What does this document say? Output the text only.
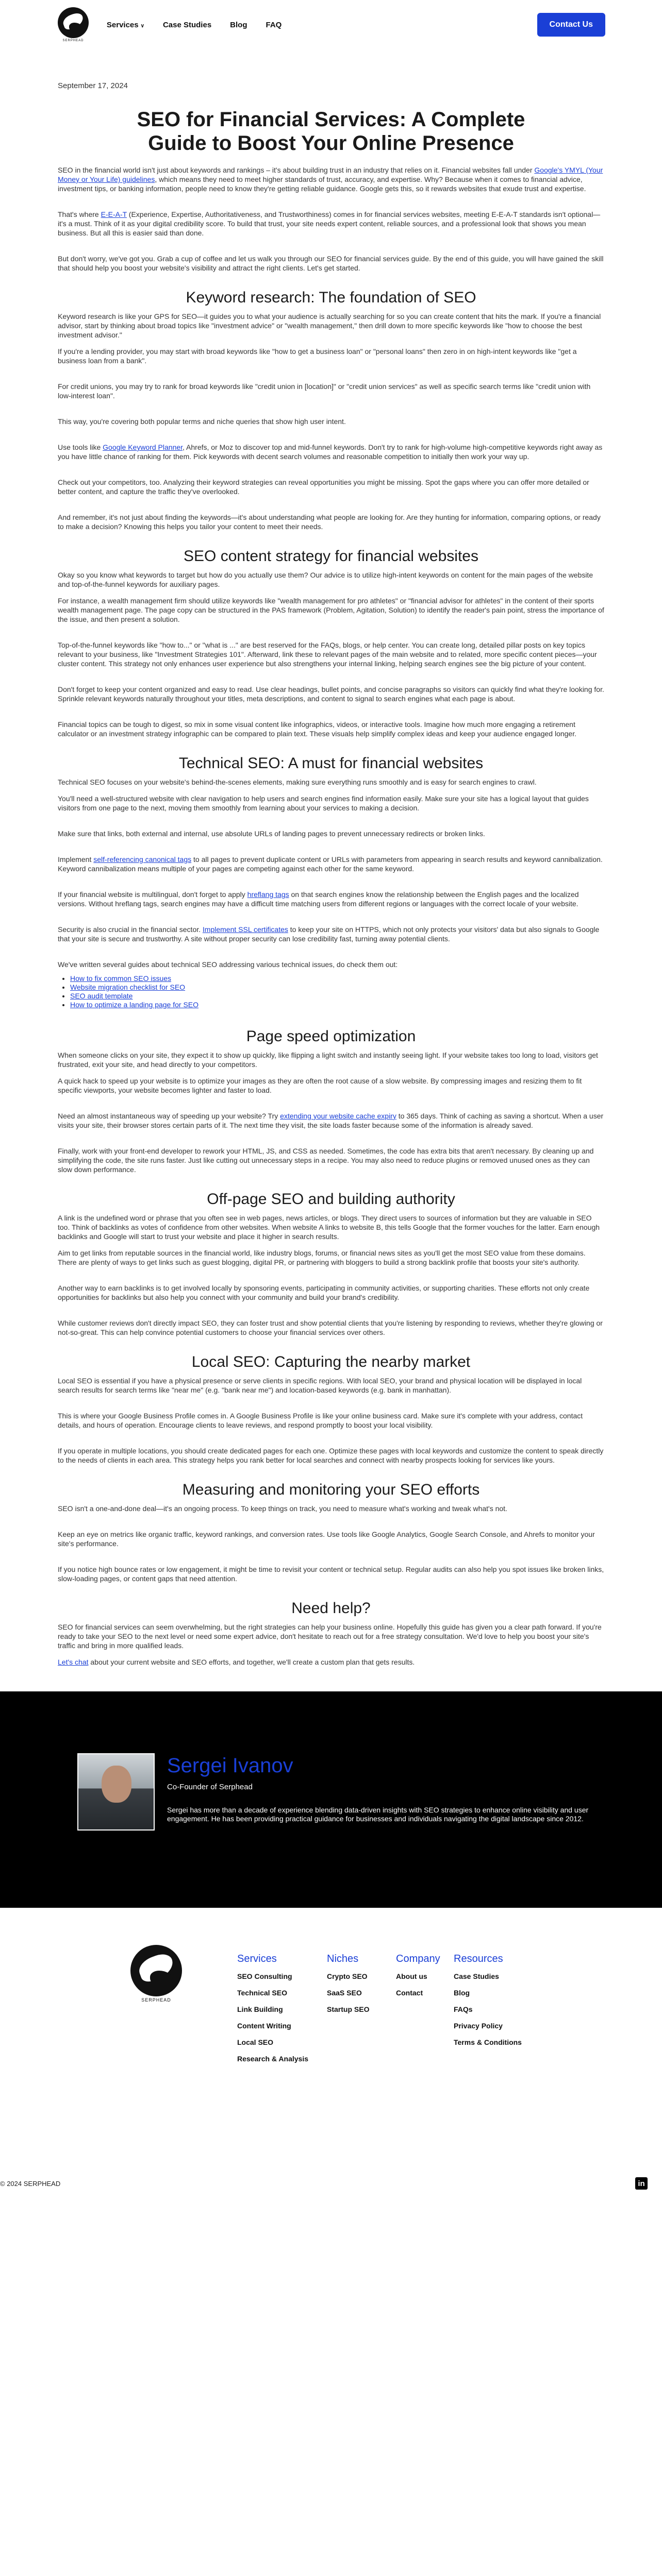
SERPHEAD
Services ∨ Case Studies Blog FAQ	Contact Us
September 17, 2024
SEO for Financial Services: A Complete Guide to Boost Your Online Presence

SEO in the financial world isn't just about keywords and rankings – it's about building trust in an industry that relies on it. Financial websites fall under Google's YMYL (Your Money or Your Life) guidelines, which means they need to meet higher standards of trust, accuracy, and expertise. Why? Because when it comes to financial advice, investment tips, or banking information, people need to know they're getting reliable guidance. Google gets this, so it rewards websites that exude trust and expertise.

That's where E-E-A-T (Experience, Expertise, Authoritativeness, and Trustworthiness) comes in for financial services websites, meeting E-E-A-T standards isn't optional—it's a must. Think of it as your digital credibility score. To build that trust, your site needs expert content, reliable sources, and a professional look that shows you mean business. But all this is easier said than done.

But don't worry, we've got you. Grab a cup of coffee and let us walk you through our SEO for financial services guide. By the end of this guide, you will have gained the skill that should help you boost your website's visibility and attract the right clients. Let's get started.

Keyword research: The foundation of SEO

Keyword research is like your GPS for SEO—it guides you to what your audience is actually searching for so you can create content that hits the mark. If you're a financial advisor, start by thinking about broad topics like "investment advice" or "wealth management," then drill down to more specific keywords like "how to choose the best investment advisor."

If you're a lending provider, you may start with broad keywords like "how to get a business loan" or "personal loans" then zero in on high-intent keywords like "get a business loan from a bank".

For credit unions, you may try to rank for broad keywords like "credit union in [location]" or "credit union services" as well as specific search terms like "credit union with low-interest loan".

This way, you're covering both popular terms and niche queries that show high user intent.

Use tools like Google Keyword Planner, Ahrefs, or Moz to discover top and mid-funnel keywords. Don't try to rank for high-volume high-competitive keywords right away as you have little chance of ranking for them. Pick keywords with decent search volumes and reasonable competition to initially then work your way up.

Check out your competitors, too. Analyzing their keyword strategies can reveal opportunities you might be missing. Spot the gaps where you can offer more detailed or better content, and capture the traffic they've overlooked.

And remember, it's not just about finding the keywords—it's about understanding what people are looking for. Are they hunting for information, comparing options, or ready to make a decision? Knowing this helps you tailor your content to meet their needs.

SEO content strategy for financial websites

Okay so you know what keywords to target but how do you actually use them? Our advice is to utilize high-intent keywords on content for the main pages of the website and top-of-the-funnel keywords for auxiliary pages.

For instance, a wealth management firm should utilize keywords like "wealth management for pro athletes" or "financial advisor for athletes" in the content of their sports wealth management page. The page copy can be structured in the PAS framework (Problem, Agitation, Solution) to identify the reader's pain point, stress the importance of the issue, and then present a solution.

Top-of-the-funnel keywords like "how to..." or "what is ..." are best reserved for the FAQs, blogs, or help center. You can create long, detailed pillar posts on key topics relevant to your business, like "Investment Strategies 101". Afterward, link these to relevant pages of the main website and to related, more specific content pieces—your cluster content. This strategy not only enhances user experience but also strengthens your internal linking, helping search engines see the big picture of your content.

Don't forget to keep your content organized and easy to read. Use clear headings, bullet points, and concise paragraphs so visitors can quickly find what they're looking for. Sprinkle relevant keywords naturally throughout your titles, meta descriptions, and content to signal to search engines what each page is about.

Financial topics can be tough to digest, so mix in some visual content like infographics, videos, or interactive tools. Imagine how much more engaging a retirement calculator or an investment strategy infographic can be compared to plain text. These visuals help simplify complex ideas and keep your audience engaged longer.

Technical SEO: A must for financial websites

Technical SEO focuses on your website's behind-the-scenes elements, making sure everything runs smoothly and is easy for search engines to crawl.

You'll need a well-structured website with clear navigation to help users and search engines find information easily. Make sure your site has a logical layout that guides visitors from one page to the next, moving them smoothly from learning about your services to making a decision.

Make sure that links, both external and internal, use absolute URLs of landing pages to prevent unnecessary redirects or broken links.

Implement self-referencing canonical tags to all pages to prevent duplicate content or URLs with parameters from appearing in search results and keyword cannibalization. Keyword cannibalization means multiple of your pages are competing against each other for the same keyword.

If your financial website is multilingual, don't forget to apply hreflang tags on that search engines know the relationship between the English pages and the localized versions. Without hreflang tags, search engines may have a difficult time matching users from different regions or languages with the correct locale of your website.

Security is also crucial in the financial sector. Implement SSL certificates to keep your site on HTTPS, which not only protects your visitors' data but also signals to Google that your site is secure and trustworthy. A site without proper security can lose credibility fast, turning away potential clients.

We've written several guides about technical SEO addressing various technical issues, do check them out:

• How to fix common SEO issues
• Website migration checklist for SEO
• SEO audit template
• How to optimize a landing page for SEO
Page speed optimization

When someone clicks on your site, they expect it to show up quickly, like flipping a light switch and instantly seeing light. If your website takes too long to load, visitors get frustrated, exit your site, and head directly to your competitors.

A quick hack to speed up your website is to optimize your images as they are often the root cause of a slow website. By compressing images and resizing them to fit specific viewports, your website becomes lighter and faster to load.

Need an almost instantaneous way of speeding up your website? Try extending your website cache expiry to 365 days. Think of caching as saving a shortcut. When a user visits your site, their browser stores certain parts of it. The next time they visit, the site loads faster because some of the information is already saved.

Finally, work with your front-end developer to rework your HTML, JS, and CSS as needed. Sometimes, the code has extra bits that aren't necessary. By cleaning up and simplifying the code, the site runs faster. Just like cutting out unnecessary steps in a recipe. You may also need to reduce plugins or removed unused ones as they can slow down performance.

Off-page SEO and building authority

A link is the undefined word or phrase that you often see in web pages, news articles, or blogs. They direct users to sources of information but they are valuable in SEO too. Think of backlinks as votes of confidence from other websites. When website A links to website B, this tells Google that the former vouches for the latter. Earn enough backlinks and Google will start to trust your website and place it higher in search results.

Aim to get links from reputable sources in the financial world, like industry blogs, forums, or financial news sites as you'll get the most SEO value from these domains. There are plenty of ways to get links such as guest blogging, digital PR, or partnering with bloggers to build a strong backlink profile that boosts your site's authority.

Another way to earn backlinks is to get involved locally by sponsoring events, participating in community activities, or supporting charities. These efforts not only create opportunities for backlinks but also help you connect with your community and build your brand's credibility.

While customer reviews don't directly impact SEO, they can foster trust and show potential clients that you're listening by responding to reviews, whether they're glowing or not-so-great. This can help convince potential customers to choose your financial services over others.

Local SEO: Capturing the nearby market

Local SEO is essential if you have a physical presence or serve clients in specific regions. With local SEO, your brand and physical location will be displayed in local search results for search terms like "near me" (e.g. "bank near me") and location-based keywords (e.g. bank in manhattan).

This is where your Google Business Profile comes in. A Google Business Profile is like your online business card. Make sure it's complete with your address, contact details, and hours of operation. Encourage clients to leave reviews, and respond promptly to boost your local visibility.

If you operate in multiple locations, you should create dedicated pages for each one. Optimize these pages with local keywords and customize the content to speak directly to the needs of clients in each area. This strategy helps you rank better for local searches and connect with nearby prospects looking for services like yours.

Measuring and monitoring your SEO efforts

SEO isn't a one-and-done deal—it's an ongoing process. To keep things on track, you need to measure what's working and tweak what's not.

Keep an eye on metrics like organic traffic, keyword rankings, and conversion rates. Use tools like Google Analytics, Google Search Console, and Ahrefs to monitor your site's performance.

If you notice high bounce rates or low engagement, it might be time to revisit your content or technical setup. Regular audits can also help you spot issues like broken links, slow-loading pages, or content gaps that need attention.

Need help?

SEO for financial services can seem overwhelming, but the right strategies can help your business online. Hopefully this guide has given you a clear path forward. If you're ready to take your SEO to the next level or need some expert advice, don't hesitate to reach out for a free strategy consultation. We'd love to help you boost your site's traffic and bring in more qualified leads.

Let's chat about your current website and SEO efforts, and together, we'll create a custom plan that gets results.

Sergei Ivanov
Co-Founder of Serphead

Sergei has more than a decade of experience blending data-driven insights with SEO strategies to enhance online visibility and user engagement. He has been providing practical guidance for businesses and individuals navigating the digital landscape since 2012.

SERPHEAD
Services
SEO Consulting
Technical SEO
Link Building
Content Writing
Local SEO
Research & Analysis
Niches
Crypto SEO
SaaS SEO
Startup SEO
Company
About us
Contact
Resources
Case Studies
Blog
FAQs
Privacy Policy
Terms & Conditions
© 2024 SERPHEAD	in
